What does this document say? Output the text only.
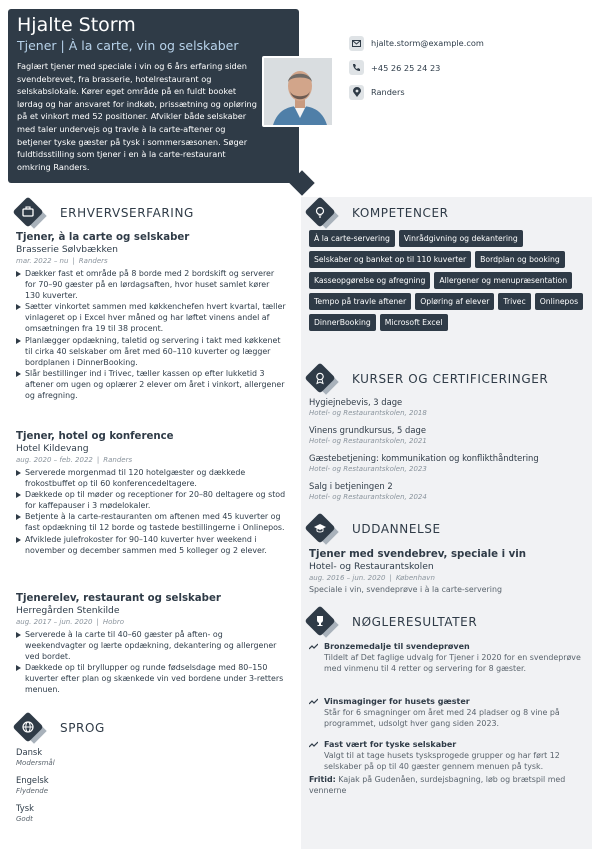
Hjalte Storm
Tjener | À la carte, vin og selskaber
Faglært tjener med speciale i vin og 6 års erfaring siden svendebrevet, fra brasserie, hotelrestaurant og selskabslokale. Kører eget område på en fuldt booket lørdag og har ansvaret for indkøb, prissætning og opløring på et vinkort med 52 positioner. Afvikler både selskaber med taler undervejs og travle à la carte-aftener og betjener tyske gæster på tysk i sommersæsonen. Søger fuldtidsstilling som tjener i en à la carte-restaurant omkring Randers.
hjalte.storm@example.com
+45 26 25 24 23
Randers
ERHVERVSERFARING
Tjener, à la carte og selskaber
Brasserie Sølvbækken
mar. 2022 – nu | Randers
Dækker fast et område på 8 borde med 2 bordskift og serverer for 70–90 gæster på en lørdagsaften, hvor huset samlet kører 130 kuverter.
Sætter vinkortet sammen med køkkenchefen hvert kvartal, tæller vinlageret op i Excel hver måned og har løftet vinens andel af omsætningen fra 19 til 38 procent.
Planlægger opdækning, taletid og servering i takt med køkkenet til cirka 40 selskaber om året med 60–110 kuverter og lægger bordplanen i DinnerBooking.
Slår bestillinger ind i Trivec, tæller kassen op efter lukketid 3 aftener om ugen og oplærer 2 elever om året i vinkort, allergener og afregning.
Tjener, hotel og konference
Hotel Kildevang
aug. 2020 – feb. 2022 | Randers
Serverede morgenmad til 120 hotelgæster og dækkede frokostbuffet op til 60 konferencedeltagere.
Dækkede op til møder og receptioner for 20–80 deltagere og stod for kaffepauser i 3 mødelokaler.
Betjente à la carte-restauranten om aftenen med 45 kuverter og fast opdækning til 12 borde og tastede bestillingerne i Onlinepos.
Afviklede julefrokoster for 90–140 kuverter hver weekend i november og december sammen med 5 kolleger og 2 elever.
Tjenerelev, restaurant og selskaber
Herregården Stenkilde
aug. 2017 – jun. 2020 | Hobro
Serverede à la carte til 40–60 gæster på aften- og weekendvagter og lærte opdækning, dekantering og allergener ved bordet.
Dækkede op til bryllupper og runde fødselsdage med 80–150 kuverter efter plan og skænkede vin ved bordene under 3-retters menuen.
SPROG
Dansk
Modersmål
Engelsk
Flydende
Tysk
Godt
KOMPETENCER
À la carte-servering	Vinrådgivning og dekantering
Selskaber og banket op til 110 kuverter	Bordplan og booking
Kasseopgørelse og afregning	Allergener og menupræsentation
Tempo på travle aftener	Opløring af elever	Trivec	Onlinepos
DinnerBooking	Microsoft Excel
KURSER OG CERTIFICERINGER
Hygiejnebevis, 3 dage
Hotel- og Restaurantskolen, 2018
Vinens grundkursus, 5 dage
Hotel- og Restaurantskolen, 2021
Gæstebetjening: kommunikation og konflikthåndtering
Hotel- og Restaurantskolen, 2023
Salg i betjeningen 2
Hotel- og Restaurantskolen, 2024
UDDANNELSE
Tjener med svendebrev, speciale i vin
Hotel- og Restaurantskolen
aug. 2016 – jun. 2020 | København
Speciale i vin, svendeprøve i à la carte-servering
NØGLERESULTATER
Bronzemedalje til svendeprøven
Tildelt af Det faglige udvalg for Tjener i 2020 for en svendeprøve med vinmenu til 4 retter og servering for 8 gæster.
Vinsmaginger for husets gæster
Står for 6 smagninger om året med 24 pladser og 8 vine på programmet, udsolgt hver gang siden 2023.
Fast vært for tyske selskaber
Valgt til at tage husets tysksprogede grupper og har ført 12 selskaber på op til 40 gæster gennem menuen på tysk.
Fritid: Kajak på Gudenåen, surdejsbagning, løb og brætspil med vennerne
